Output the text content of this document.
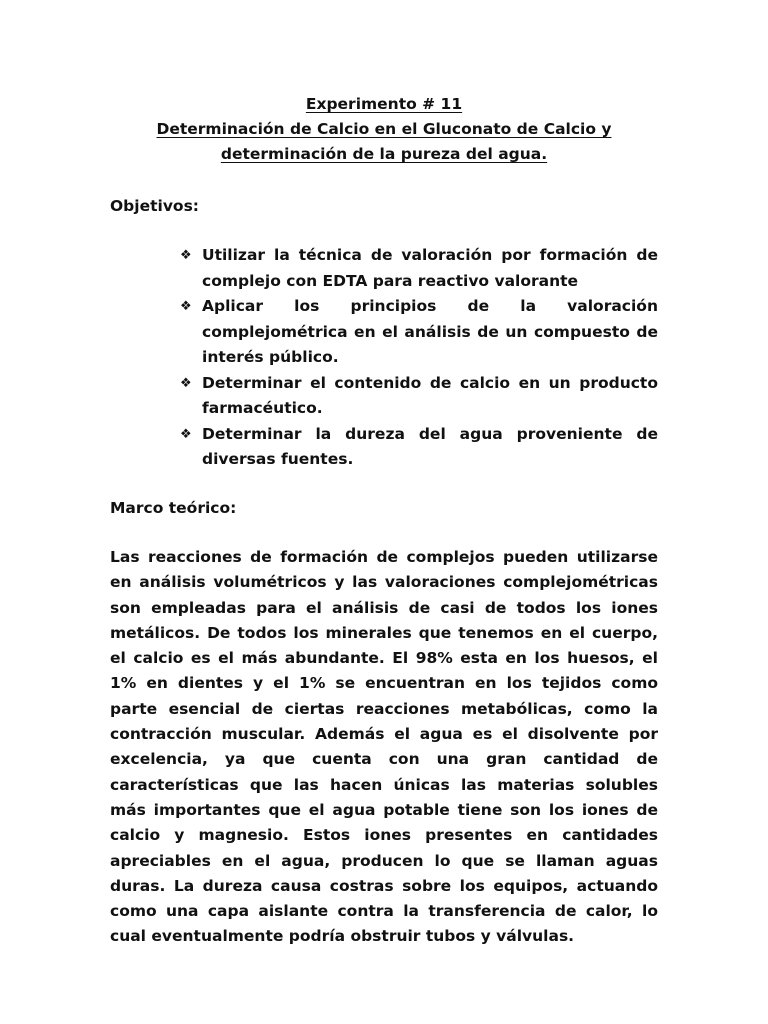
Experimento # 11
Determinación de Calcio en el Gluconato de Calcio y
determinación de la pureza del agua.
Objetivos:
❖ Utilizar la técnica de valoración por formación de complejo con EDTA para reactivo valorante
❖ Aplicar los principios de la valoración complejométrica en el análisis de un compuesto de interés público.
❖ Determinar el contenido de calcio en un producto farmacéutico.
❖ Determinar la dureza del agua proveniente de diversas fuentes.
Marco teórico:

Las reacciones de formación de complejos pueden utilizarse en análisis volumétricos y las valoraciones complejométricas son empleadas para el análisis de casi de todos los iones metálicos. De todos los minerales que tenemos en el cuerpo, el calcio es el más abundante. El 98% esta en los huesos, el 1% en dientes y el 1% se encuentran en los tejidos como parte esencial de ciertas reacciones metabólicas, como la contracción muscular. Además el agua es el disolvente por excelencia, ya que cuenta con una gran cantidad de características que las hacen únicas las materias solubles más importantes que el agua potable tiene son los iones de calcio y magnesio. Estos iones presentes en cantidades apreciables en el agua, producen lo que se llaman aguas duras. La dureza causa costras sobre los equipos, actuando como una capa aislante contra la transferencia de calor, lo cual eventualmente podría obstruir tubos y válvulas.
